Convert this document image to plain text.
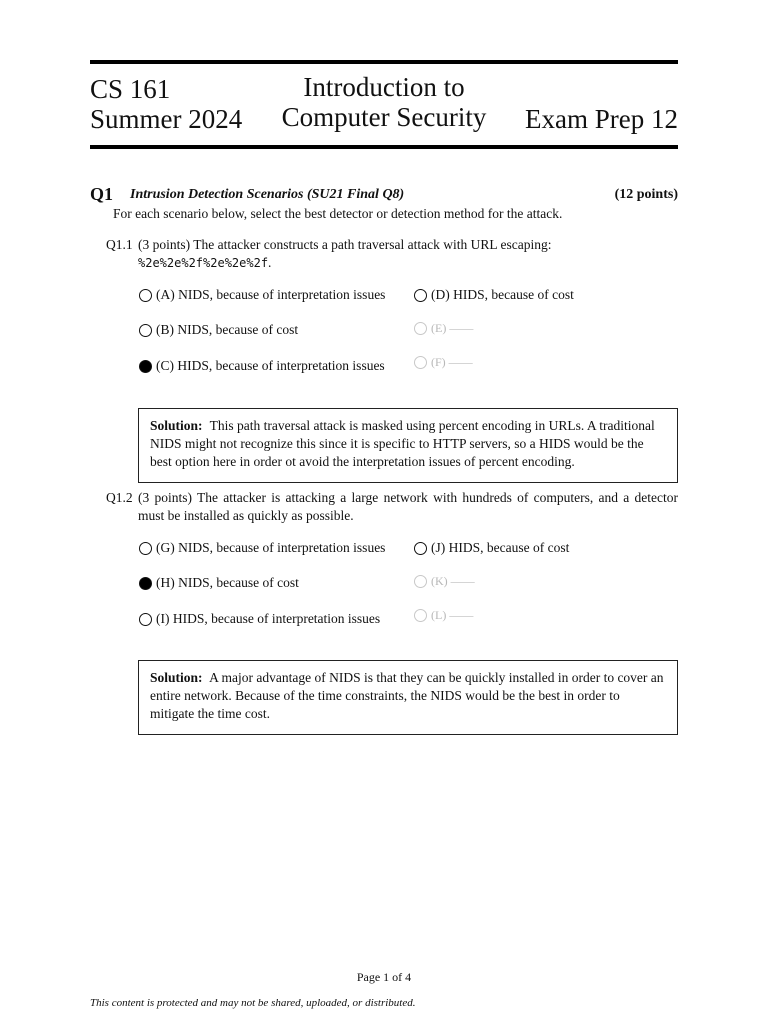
CS 161
Summer 2024
Introduction to
Computer Security	Exam Prep 12
Q1 Intrusion Detection Scenarios (SU21 Final Q8)	(12 points)
For each scenario below, select the best detector or detection method for the attack.
Q1.1 (3 points) The attacker constructs a path traversal attack with URL escaping:
%2e%2e%2f%2e%2e%2f.
(A) NIDS, because of interpretation issues
(B) NIDS, because of cost
(C) HIDS, because of interpretation issues
(D) HIDS, because of cost
(E) ——
(F) ——
Solution: This path traversal attack is masked using percent encoding in URLs. A traditional NIDS might not recognize this since it is specific to HTTP servers, so a HIDS would be the best option here in order ot avoid the interpretation issues of percent encoding.
Q1.2 (3 points) The attacker is attacking a large network with hundreds of computers, and a detector must be installed as quickly as possible.
(G) NIDS, because of interpretation issues
(H) NIDS, because of cost
(I) HIDS, because of interpretation issues
(J) HIDS, because of cost
(K) ——
(L) ——
Solution: A major advantage of NIDS is that they can be quickly installed in order to cover an entire network. Because of the time constraints, the NIDS would be the best in order to mitigate the time cost.
Page 1 of 4
This content is protected and may not be shared, uploaded, or distributed.
